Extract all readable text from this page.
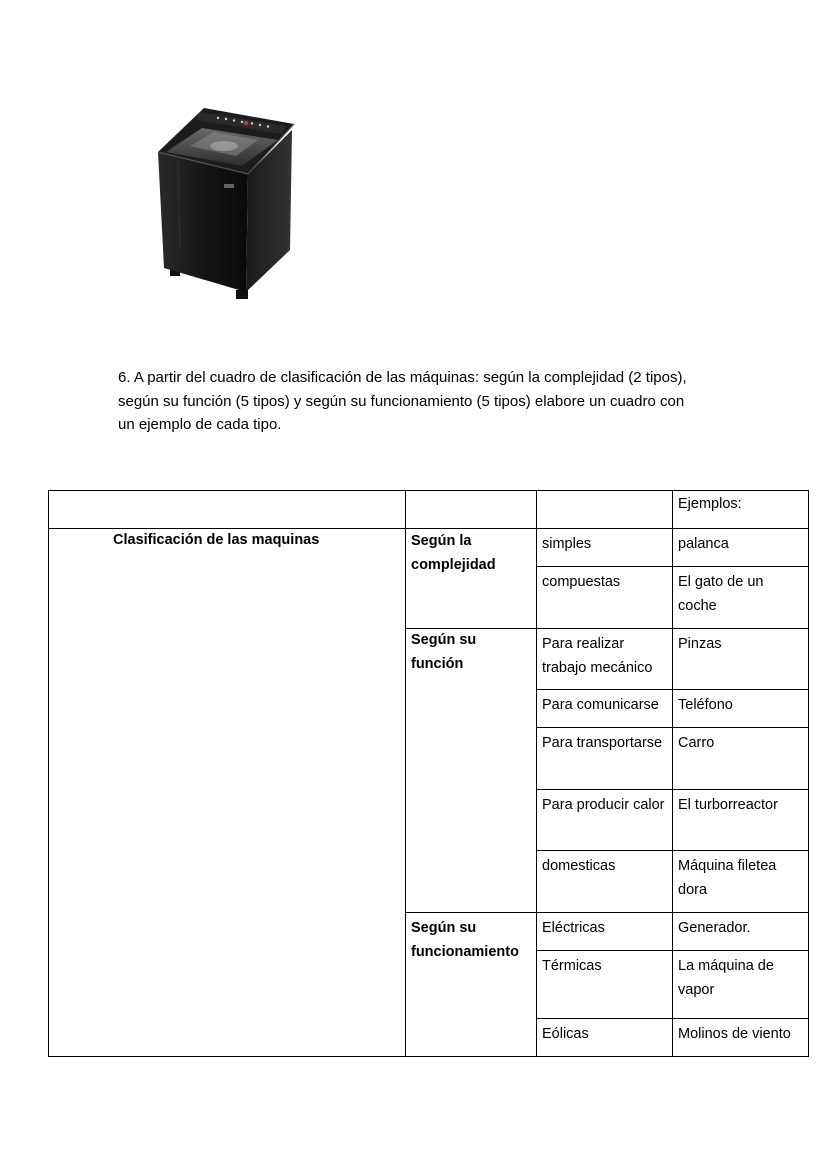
6. A partir del cuadro de clasificación de las máquinas: según la complejidad (2 tipos),
según su función (5 tipos) y según su funcionamiento (5 tipos) elabore un cuadro con
un ejemplo de cada tipo.

			Ejemplos:

Clasificación de las maquinas	Según la complejidad	simples	palanca

		compuestas	El gato de un coche

	Según su función	Para realizar trabajo mecánico	Pinzas

		Para comunicarse	Teléfono

		Para transportarse	Carro

		Para producir calor	El turborreactor

		domesticas	Máquina filetea dora

	Según su funcionamiento	Eléctricas	Generador.

		Térmicas	La máquina de vapor

		Eólicas	Molinos de viento
